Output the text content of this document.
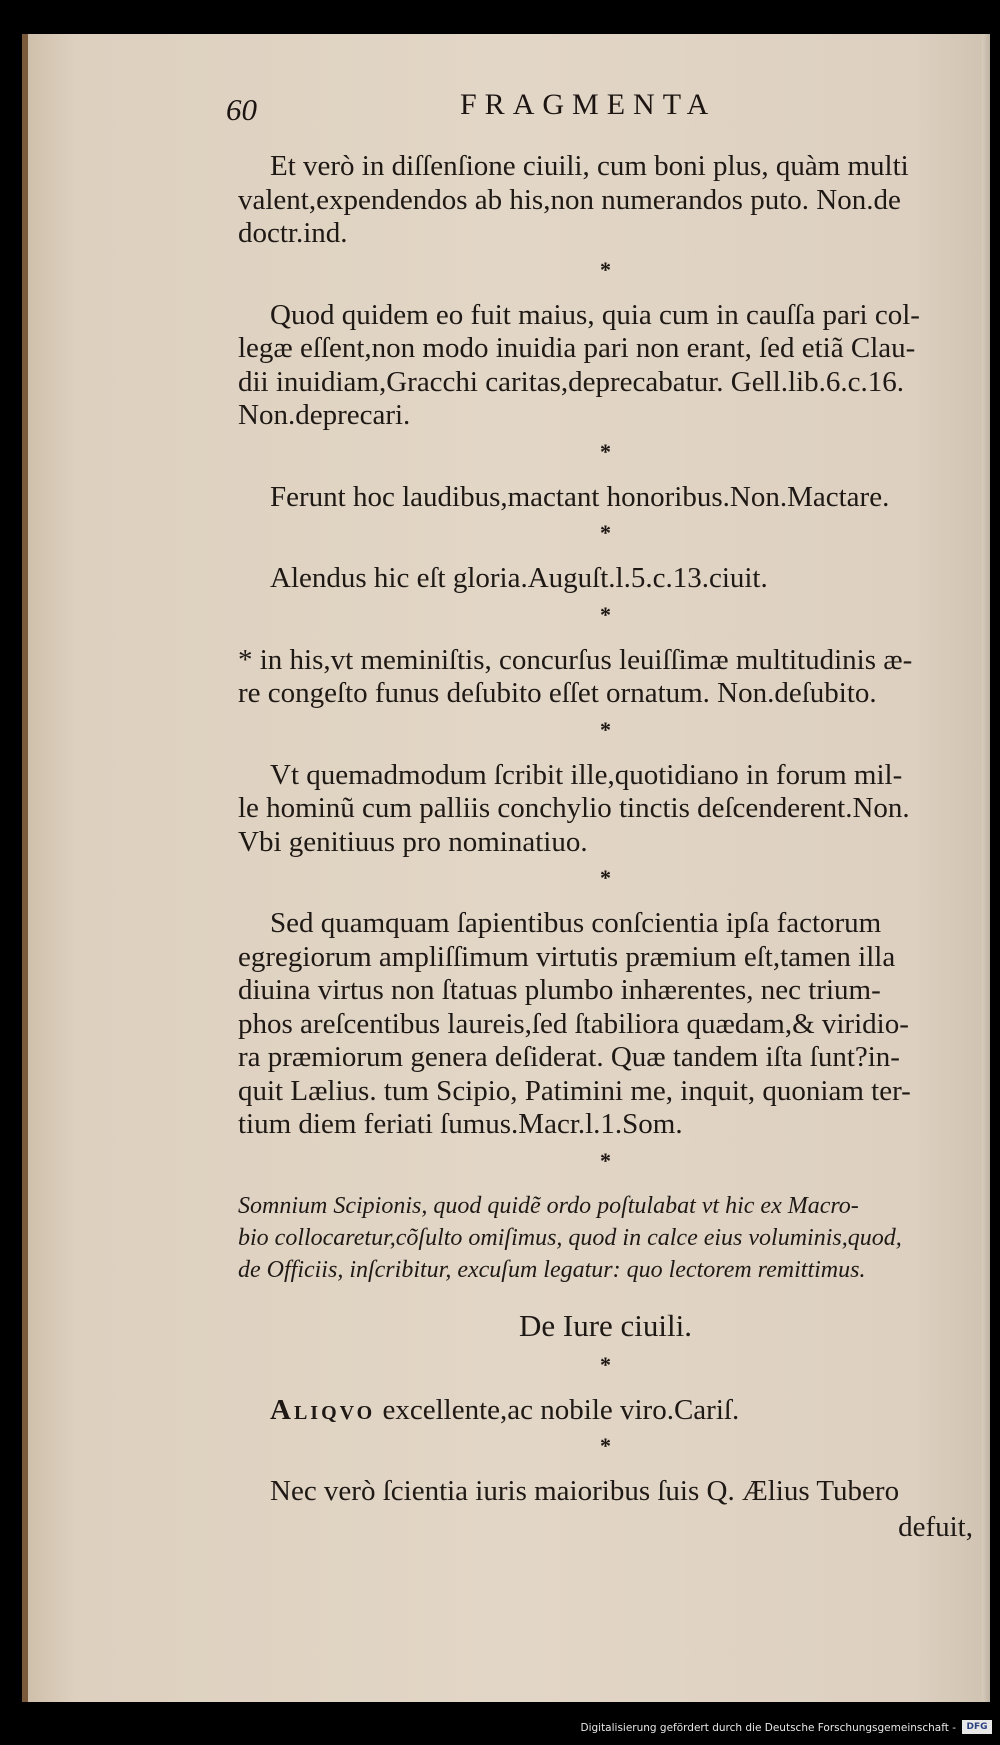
60	FRAGMENTA

Et verò in diſſenſione ciuili, cum boni plus, quàm multi
valent,expendendos ab his,non numerandos puto. Non.de
doctr.ind.

*

Quod quidem eo fuit maius, quia cum in cauſſa pari col-
legæ eſſent,non modo inuidia pari non erant, ſed etiã Clau-
dii inuidiam,Gracchi caritas,deprecabatur. Gell.lib.6.c.16.
Non.deprecari.

*

Ferunt hoc laudibus,mactant honoribus.Non.Mactare.

*

Alendus hic eſt gloria.Auguſt.l.5.c.13.ciuit.

*

* in his,vt meminiſtis, concurſus leuiſſimæ multitudinis æ-
re congeſto funus deſubito eſſet ornatum. Non.deſubito.

*

Vt quemadmodum ſcribit ille,quotidiano in forum mil-
le hominũ cum palliis conchylio tinctis deſcenderent.Non.
Vbi genitiuus pro nominatiuo.

*

Sed quamquam ſapientibus conſcientia ipſa factorum
egregiorum ampliſſimum virtutis præmium eſt,tamen illa
diuina virtus non ſtatuas plumbo inhærentes, nec trium-
phos areſcentibus laureis,ſed ſtabiliora quædam,& viridio-
ra præmiorum genera deſiderat. Quæ tandem iſta ſunt?in-
quit Lælius. tum Scipio, Patimini me, inquit, quoniam ter-
tium diem feriati ſumus.Macr.l.1.Som.

*

Somnium Scipionis, quod quidẽ ordo poſtulabat vt hic ex Macro-
bio collocaretur,cõſulto omiſimus, quod in calce eius voluminis,quod,
de Officiis, inſcribitur, excuſum legatur: quo lectorem remittimus.

De Iure ciuili.
*

Aliqvo excellente,ac nobile viro.Cariſ.

*

Nec verò ſcientia iuris maioribus ſuis Q. Ælius Tubero

defuit,
Digitalisierung gefördert durch die Deutsche Forschungsgemeinschaft -	DFG
